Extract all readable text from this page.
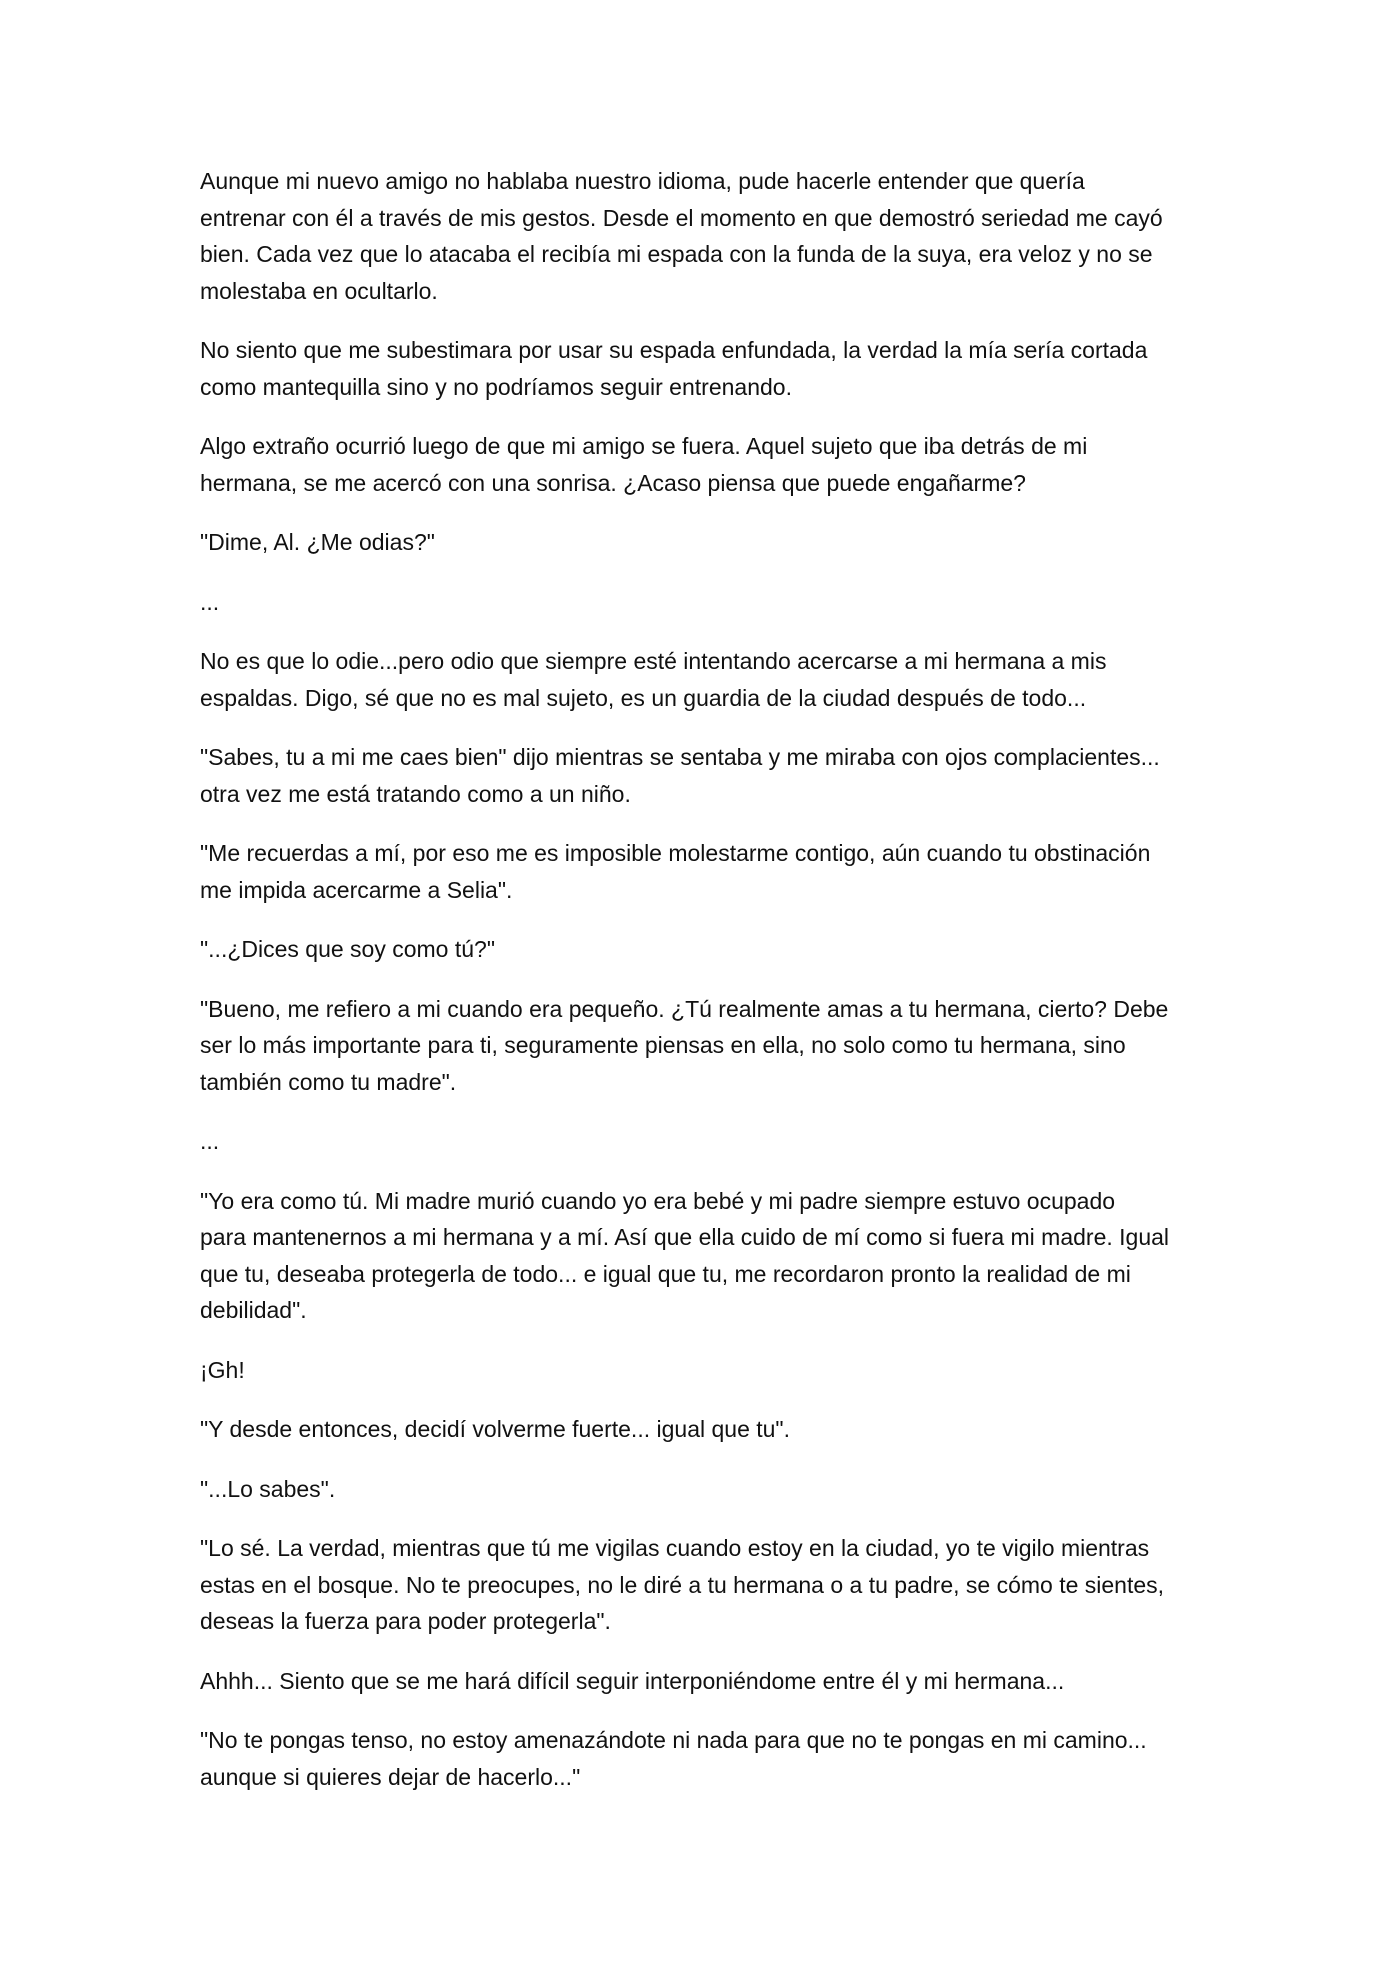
Aunque mi nuevo amigo no hablaba nuestro idioma, pude hacerle entender que quería
entrenar con él a través de mis gestos. Desde el momento en que demostró seriedad me cayó
bien. Cada vez que lo atacaba el recibía mi espada con la funda de la suya, era veloz y no se
molestaba en ocultarlo.

No siento que me subestimara por usar su espada enfundada, la verdad la mía sería cortada
como mantequilla sino y no podríamos seguir entrenando.

Algo extraño ocurrió luego de que mi amigo se fuera. Aquel sujeto que iba detrás de mi
hermana, se me acercó con una sonrisa. ¿Acaso piensa que puede engañarme?

"Dime, Al. ¿Me odias?"

...

No es que lo odie...pero odio que siempre esté intentando acercarse a mi hermana a mis
espaldas. Digo, sé que no es mal sujeto, es un guardia de la ciudad después de todo...

"Sabes, tu a mi me caes bien" dijo mientras se sentaba y me miraba con ojos complacientes...
otra vez me está tratando como a un niño.

"Me recuerdas a mí, por eso me es imposible molestarme contigo, aún cuando tu obstinación
me impida acercarme a Selia".

"...¿Dices que soy como tú?"

"Bueno, me refiero a mi cuando era pequeño. ¿Tú realmente amas a tu hermana, cierto? Debe
ser lo más importante para ti, seguramente piensas en ella, no solo como tu hermana, sino
también como tu madre".

...

"Yo era como tú. Mi madre murió cuando yo era bebé y mi padre siempre estuvo ocupado
para mantenernos a mi hermana y a mí. Así que ella cuido de mí como si fuera mi madre. Igual
que tu, deseaba protegerla de todo... e igual que tu, me recordaron pronto la realidad de mi
debilidad".

¡Gh!

"Y desde entonces, decidí volverme fuerte... igual que tu".

"...Lo sabes".

"Lo sé. La verdad, mientras que tú me vigilas cuando estoy en la ciudad, yo te vigilo mientras
estas en el bosque. No te preocupes, no le diré a tu hermana o a tu padre, se cómo te sientes,
deseas la fuerza para poder protegerla".

Ahhh... Siento que se me hará difícil seguir interponiéndome entre él y mi hermana...

"No te pongas tenso, no estoy amenazándote ni nada para que no te pongas en mi camino...
aunque si quieres dejar de hacerlo..."
